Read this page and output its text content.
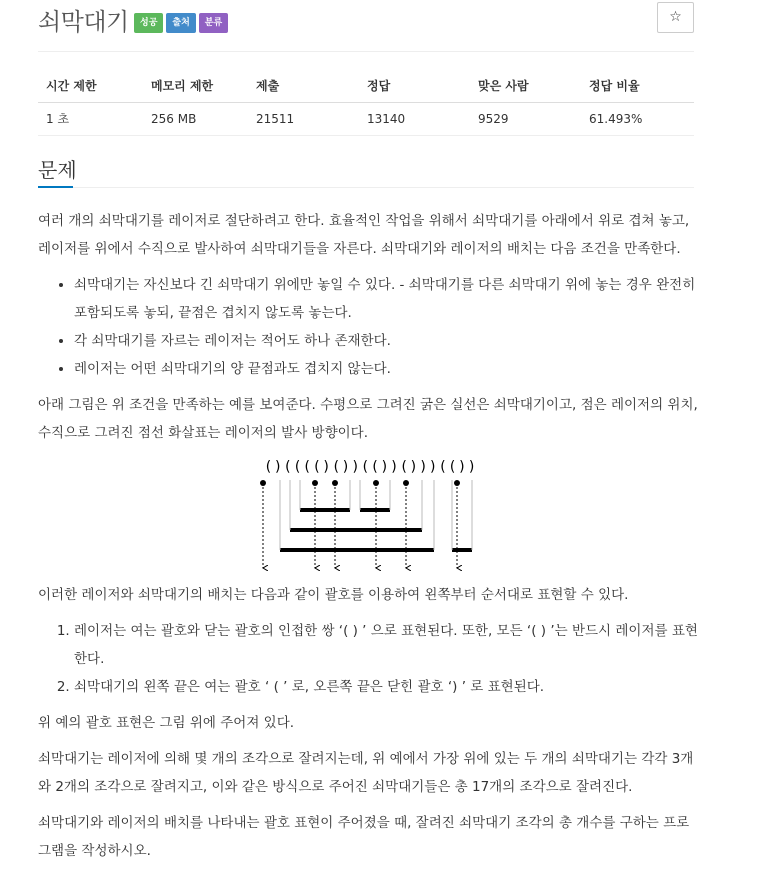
쇠막대기	성공	출처	분류	☆
시간 제한	메모리 제한	제출	정답	맞은 사람	정답 비율
1 초	256 MB	21511	13140	9529	61.493%
문제

여러 개의 쇠막대기를 레이저로 절단하려고 한다. 효율적인 작업을 위해서 쇠막대기를 아래에서 위로 겹쳐 놓고, 레이저를 위에서 수직으로 발사하여 쇠막대기들을 자른다. 쇠막대기와 레이저의 배치는 다음 조건을 만족한다.

• 쇠막대기는 자신보다 긴 쇠막대기 위에만 놓일 수 있다. - 쇠막대기를 다른 쇠막대기 위에 놓는 경우 완전히 포함되도록 놓되, 끝점은 겹치지 않도록 놓는다.
• 각 쇠막대기를 자르는 레이저는 적어도 하나 존재한다.
• 레이저는 어떤 쇠막대기의 양 끝점과도 겹치지 않는다.

아래 그림은 위 조건을 만족하는 예를 보여준다. 수평으로 그려진 굵은 실선은 쇠막대기이고, 점은 레이저의 위치, 수직으로 그려진 점선 화살표는 레이저의 발사 방향이다.

()(((()())(())()))(())

이러한 레이저와 쇠막대기의 배치는 다음과 같이 괄호를 이용하여 왼쪽부터 순서대로 표현할 수 있다.

1. 레이저는 여는 괄호와 닫는 괄호의 인접한 쌍 ‘( ) ’ 으로 표현된다. 또한, 모든 ‘( ) ’는 반드시 레이저를 표현한다.
2. 쇠막대기의 왼쪽 끝은 여는 괄호 ‘ ( ’ 로, 오른쪽 끝은 닫힌 괄호 ‘) ’ 로 표현된다.

위 예의 괄호 표현은 그림 위에 주어져 있다.

쇠막대기는 레이저에 의해 몇 개의 조각으로 잘려지는데, 위 예에서 가장 위에 있는 두 개의 쇠막대기는 각각 3개와 2개의 조각으로 잘려지고, 이와 같은 방식으로 주어진 쇠막대기들은 총 17개의 조각으로 잘려진다.

쇠막대기와 레이저의 배치를 나타내는 괄호 표현이 주어졌을 때, 잘려진 쇠막대기 조각의 총 개수를 구하는 프로그램을 작성하시오.
